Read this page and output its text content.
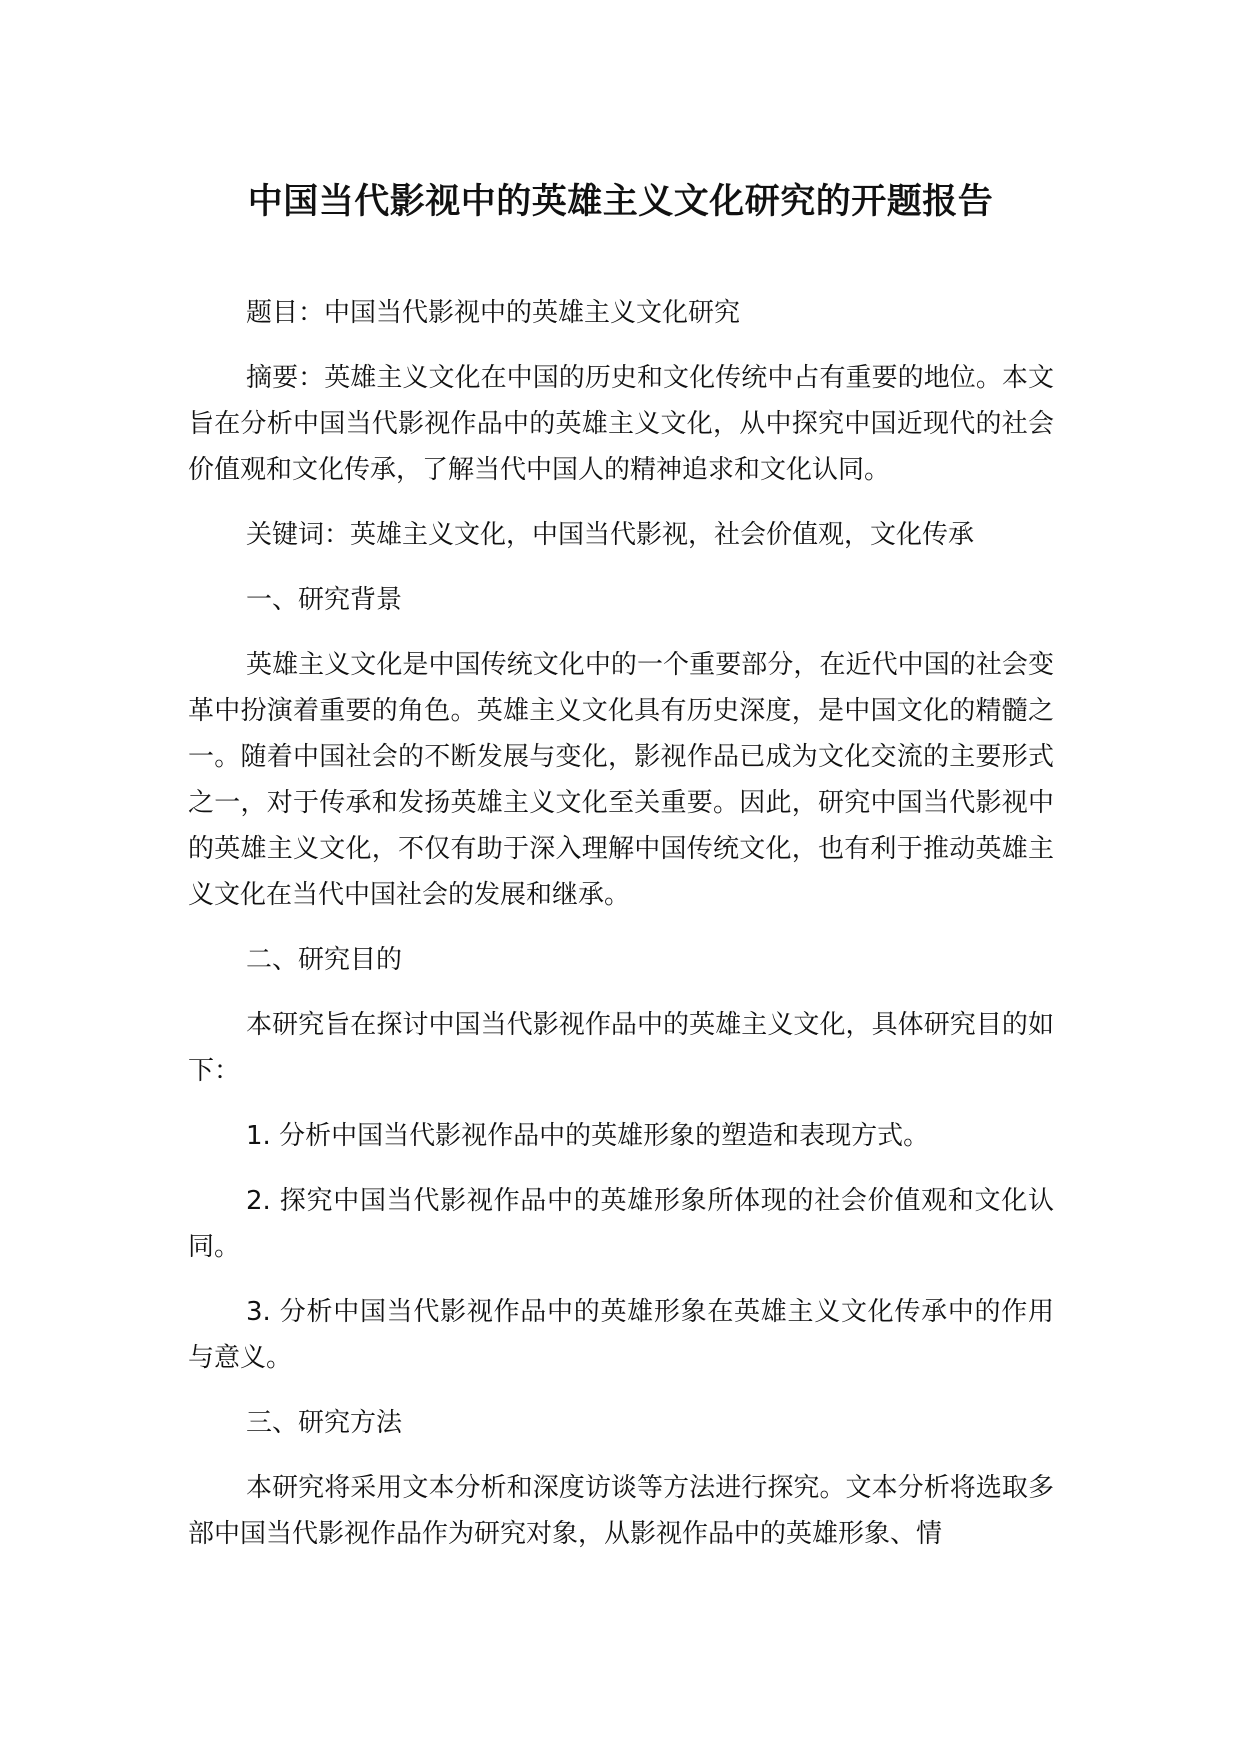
中国当代影视中的英雄主义文化研究的开题报告

题目：中国当代影视中的英雄主义文化研究

摘要：英雄主义文化在中国的历史和文化传统中占有重要的地位。本文旨在分析中国当代影视作品中的英雄主义文化，从中探究中国近现代的社会价值观和文化传承，了解当代中国人的精神追求和文化认同。

关键词：英雄主义文化，中国当代影视，社会价值观，文化传承

一、研究背景

英雄主义文化是中国传统文化中的一个重要部分，在近代中国的社会变革中扮演着重要的角色。英雄主义文化具有历史深度，是中国文化的精髓之一。随着中国社会的不断发展与变化，影视作品已成为文化交流的主要形式之一，对于传承和发扬英雄主义文化至关重要。因此，研究中国当代影视中的英雄主义文化，不仅有助于深入理解中国传统文化，也有利于推动英雄主义文化在当代中国社会的发展和继承。

二、研究目的

本研究旨在探讨中国当代影视作品中的英雄主义文化，具体研究目的如下：

1. 分析中国当代影视作品中的英雄形象的塑造和表现方式。

2. 探究中国当代影视作品中的英雄形象所体现的社会价值观和文化认同。

3. 分析中国当代影视作品中的英雄形象在英雄主义文化传承中的作用与意义。

三、研究方法

本研究将采用文本分析和深度访谈等方法进行探究。文本分析将选取多部中国当代影视作品作为研究对象，从影视作品中的英雄形象、情
